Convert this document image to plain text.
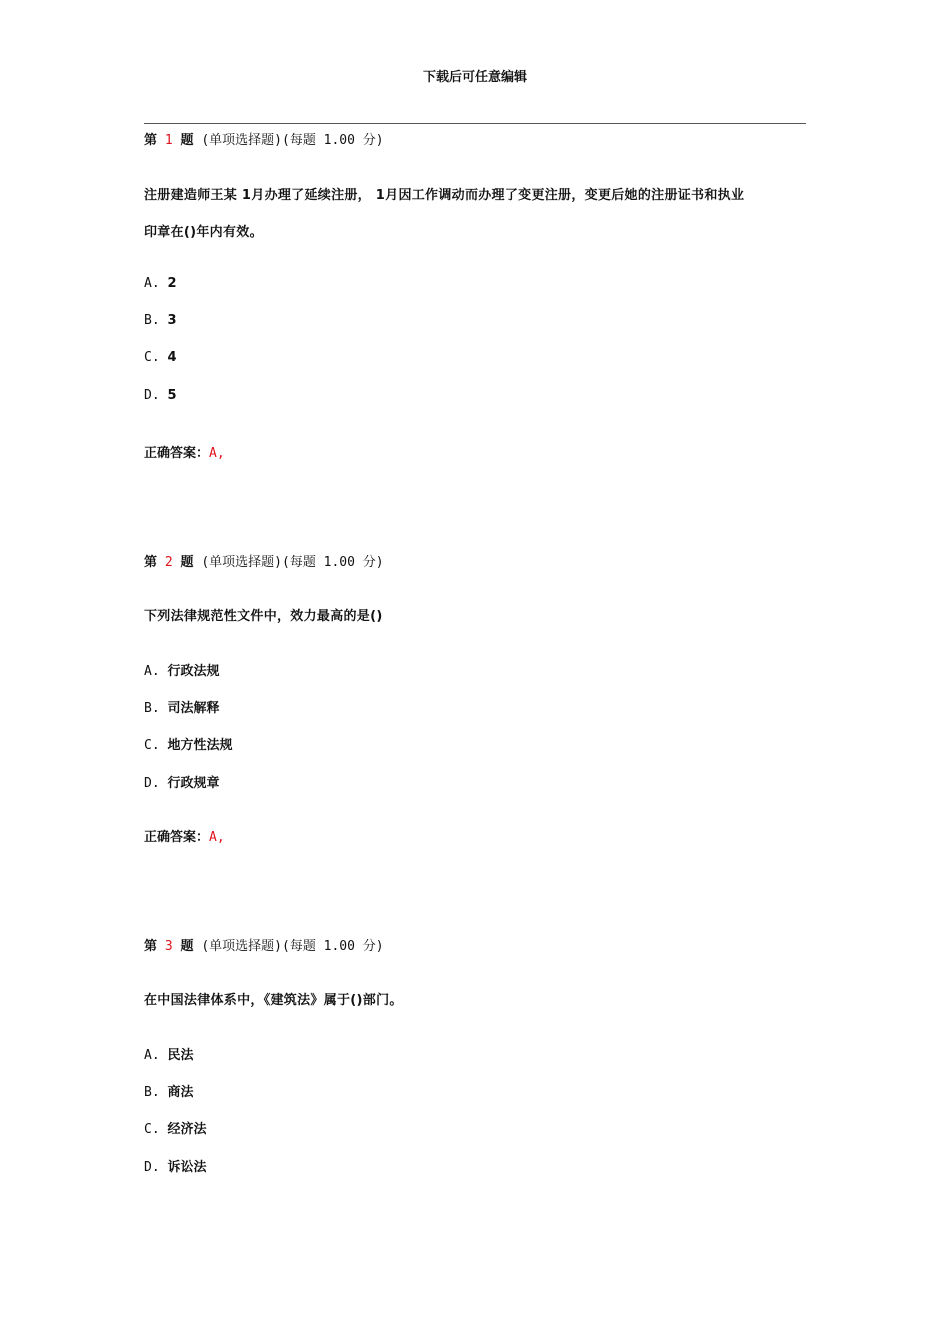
下载后可任意编辑
第 1 题 (单项选择题)(每题 1.00 分)
注册建造师王某 1月办理了延续注册， 1月因工作调动而办理了变更注册，变更后她的注册证书和执业
印章在()年内有效。
A. 2
B. 3
C. 4
D. 5
正确答案：A,
第 2 题 (单项选择题)(每题 1.00 分)
下列法律规范性文件中，效力最高的是()
A. 行政法规
B. 司法解释
C. 地方性法规
D. 行政规章
正确答案：A,
第 3 题 (单项选择题)(每题 1.00 分)
在中国法律体系中，《建筑法》属于()部门。
A. 民法
B. 商法
C. 经济法
D. 诉讼法
